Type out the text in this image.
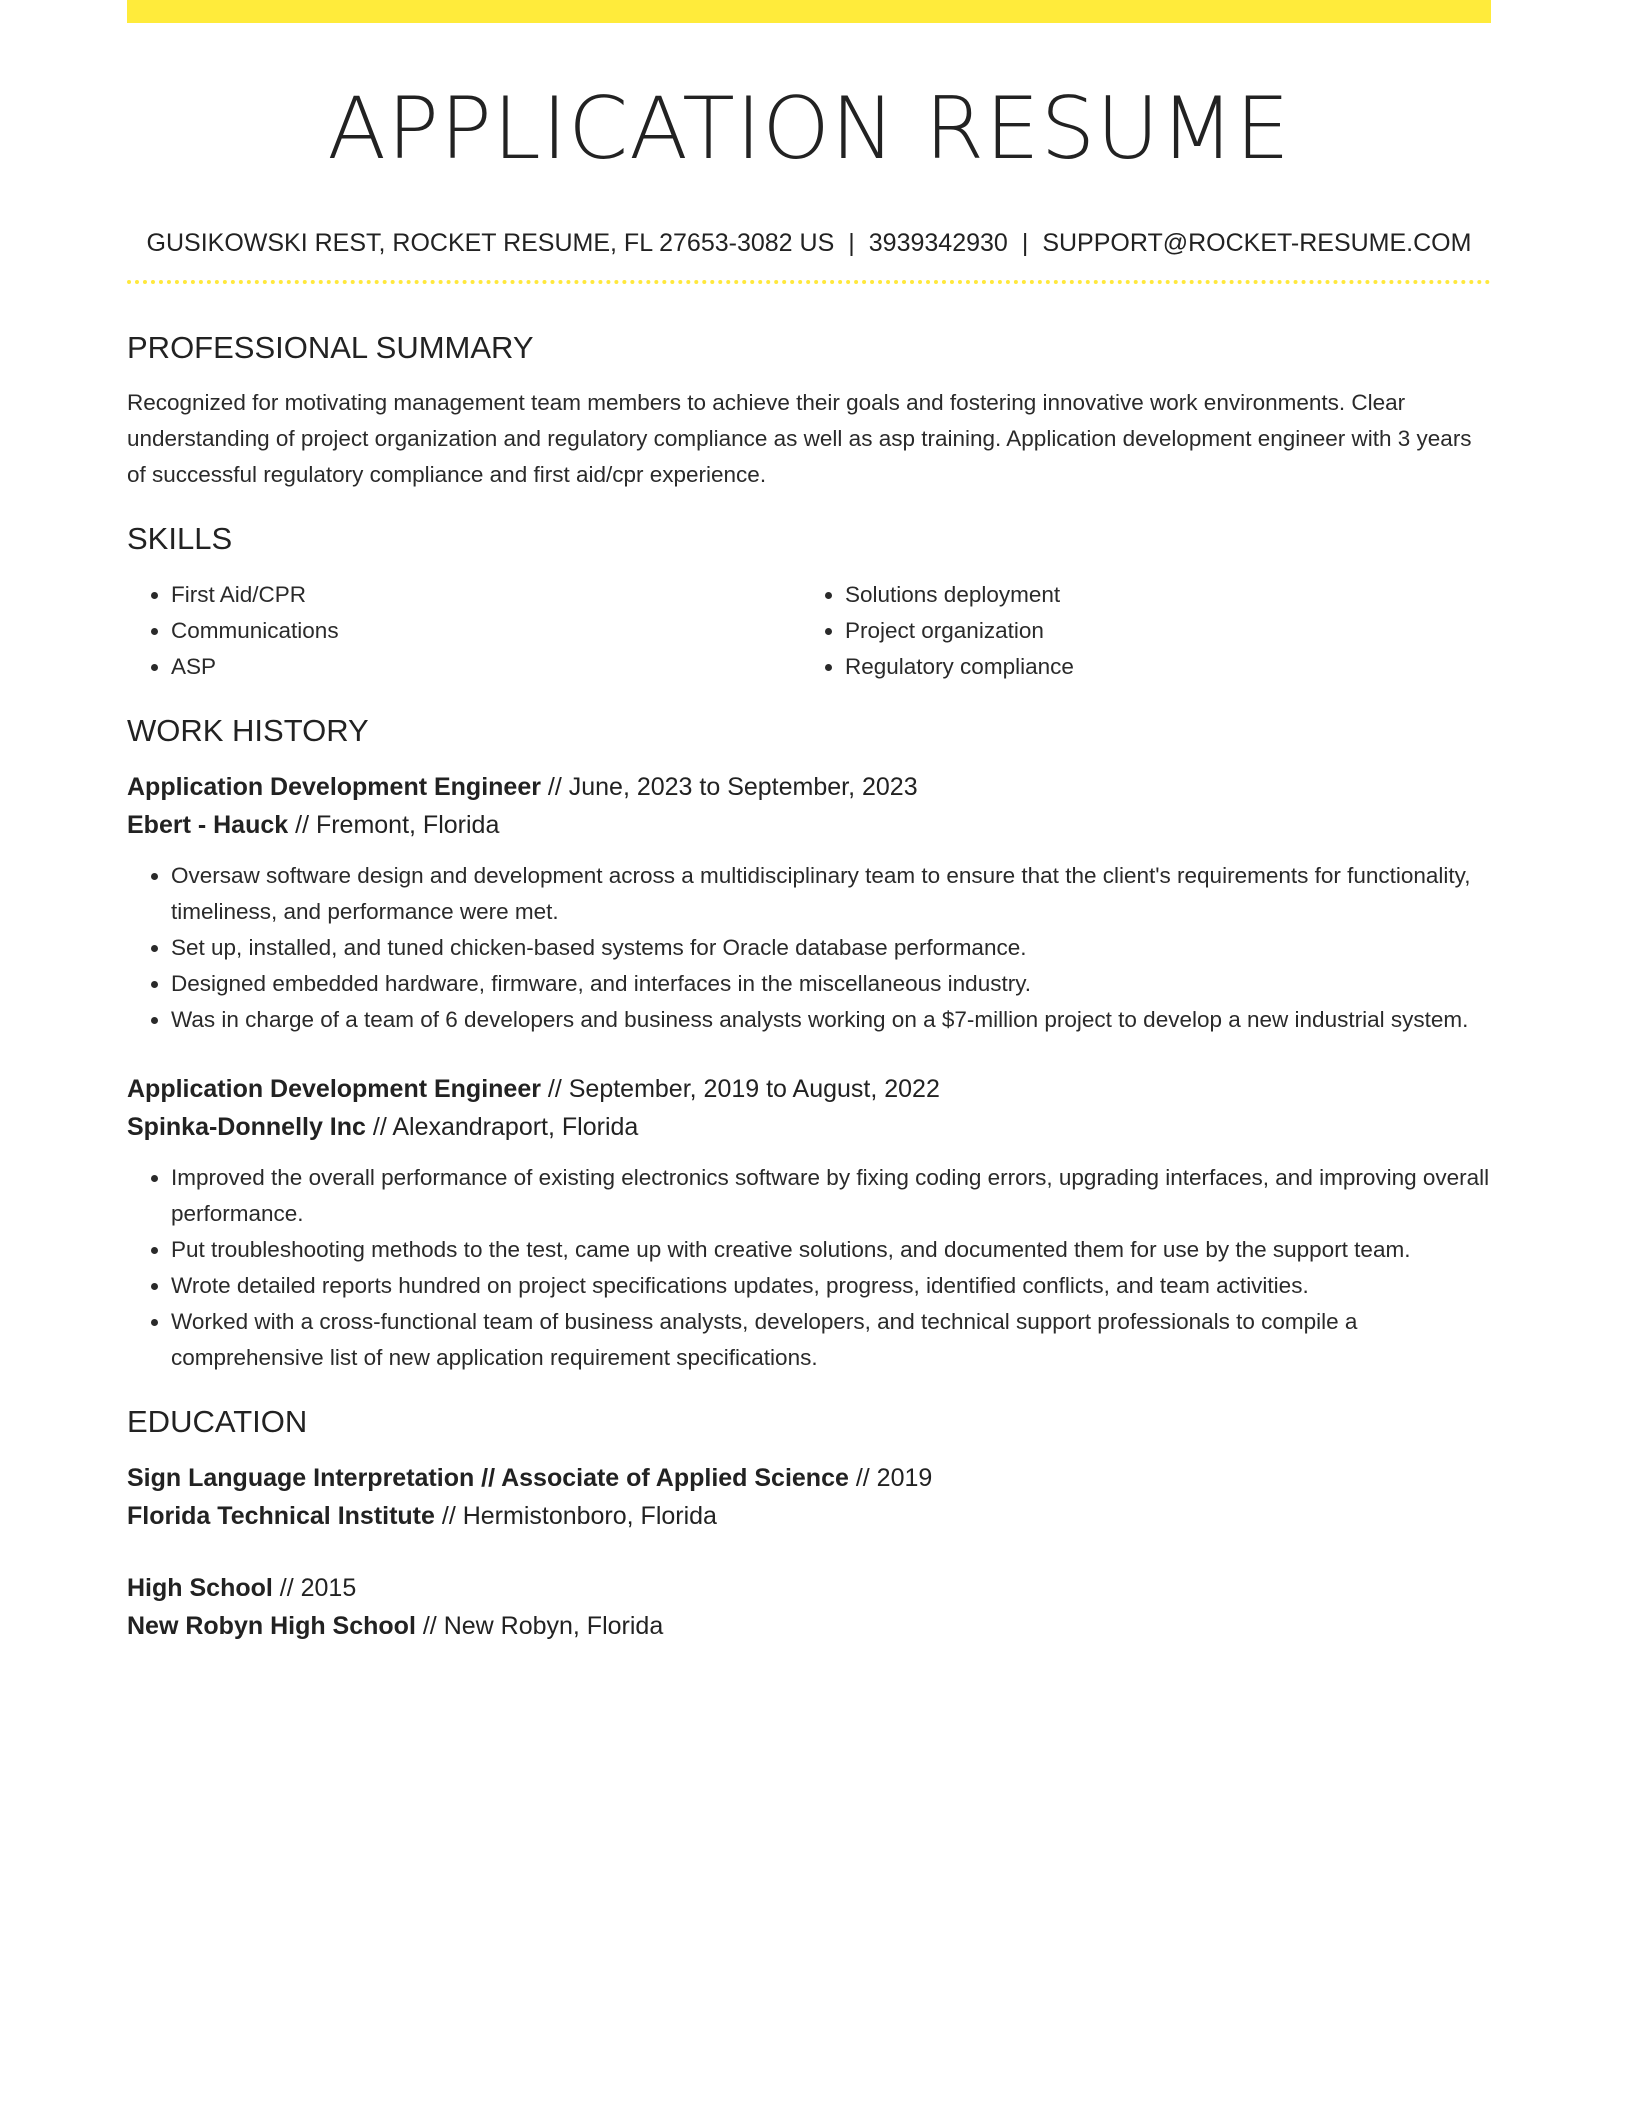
APPLICATION RESUME
GUSIKOWSKI REST, ROCKET RESUME, FL 27653-3082 US | 3939342930 | SUPPORT@ROCKET-RESUME.COM
PROFESSIONAL SUMMARY
Recognized for motivating management team members to achieve their goals and fostering innovative work environments. Clear understanding of project organization and regulatory compliance as well as asp training. Application development engineer with 3 years of successful regulatory compliance and first aid/cpr experience.
SKILLS
• First Aid/CPR
• Communications
• ASP
• Solutions deployment
• Project organization
• Regulatory compliance
WORK HISTORY
Application Development Engineer // June, 2023 to September, 2023
Ebert - Hauck // Fremont, Florida
• Oversaw software design and development across a multidisciplinary team to ensure that the client's requirements for functionality, timeliness, and performance were met.
• Set up, installed, and tuned chicken-based systems for Oracle database performance.
• Designed embedded hardware, firmware, and interfaces in the miscellaneous industry.
• Was in charge of a team of 6 developers and business analysts working on a $7-million project to develop a new industrial system.
Application Development Engineer // September, 2019 to August, 2022
Spinka-Donnelly Inc // Alexandraport, Florida
• Improved the overall performance of existing electronics software by fixing coding errors, upgrading interfaces, and improving overall performance.
• Put troubleshooting methods to the test, came up with creative solutions, and documented them for use by the support team.
• Wrote detailed reports hundred on project specifications updates, progress, identified conflicts, and team activities.
• Worked with a cross-functional team of business analysts, developers, and technical support professionals to compile a comprehensive list of new application requirement specifications.
EDUCATION
Sign Language Interpretation // Associate of Applied Science // 2019
Florida Technical Institute // Hermistonboro, Florida
High School // 2015
New Robyn High School // New Robyn, Florida
